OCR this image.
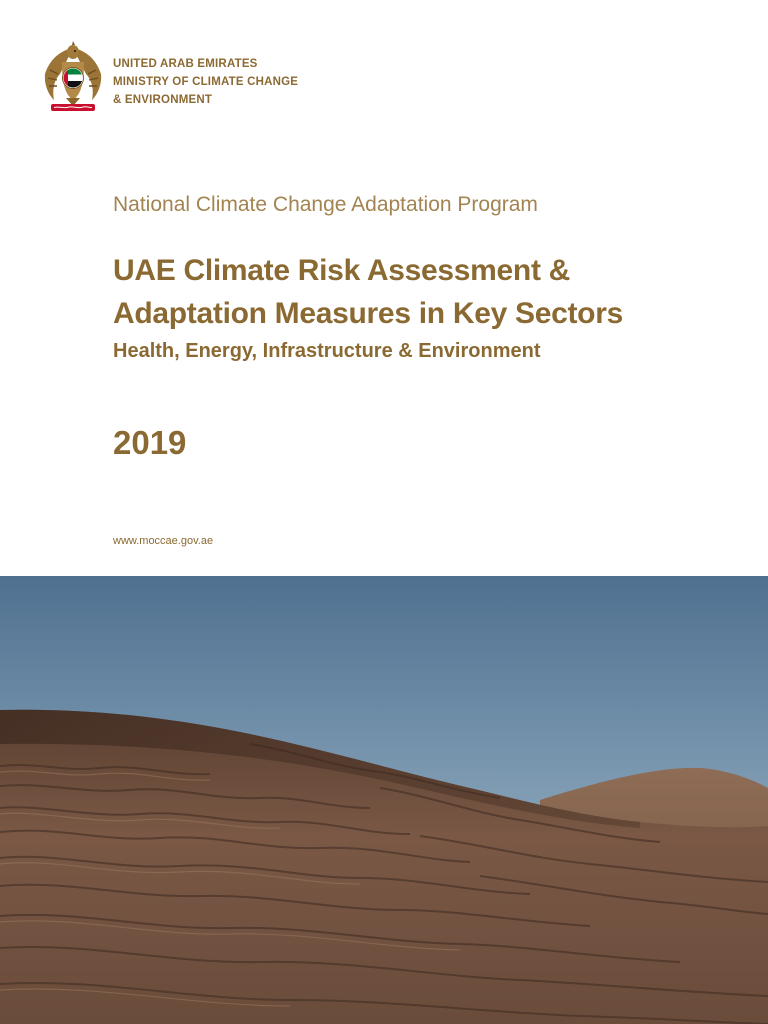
UNITED ARAB EMIRATES
MINISTRY OF CLIMATE CHANGE
& ENVIRONMENT
National Climate Change Adaptation Program
UAE Climate Risk Assessment &
Adaptation Measures in Key Sectors
Health, Energy, Infrastructure & Environment
2019
www.moccae.gov.ae
